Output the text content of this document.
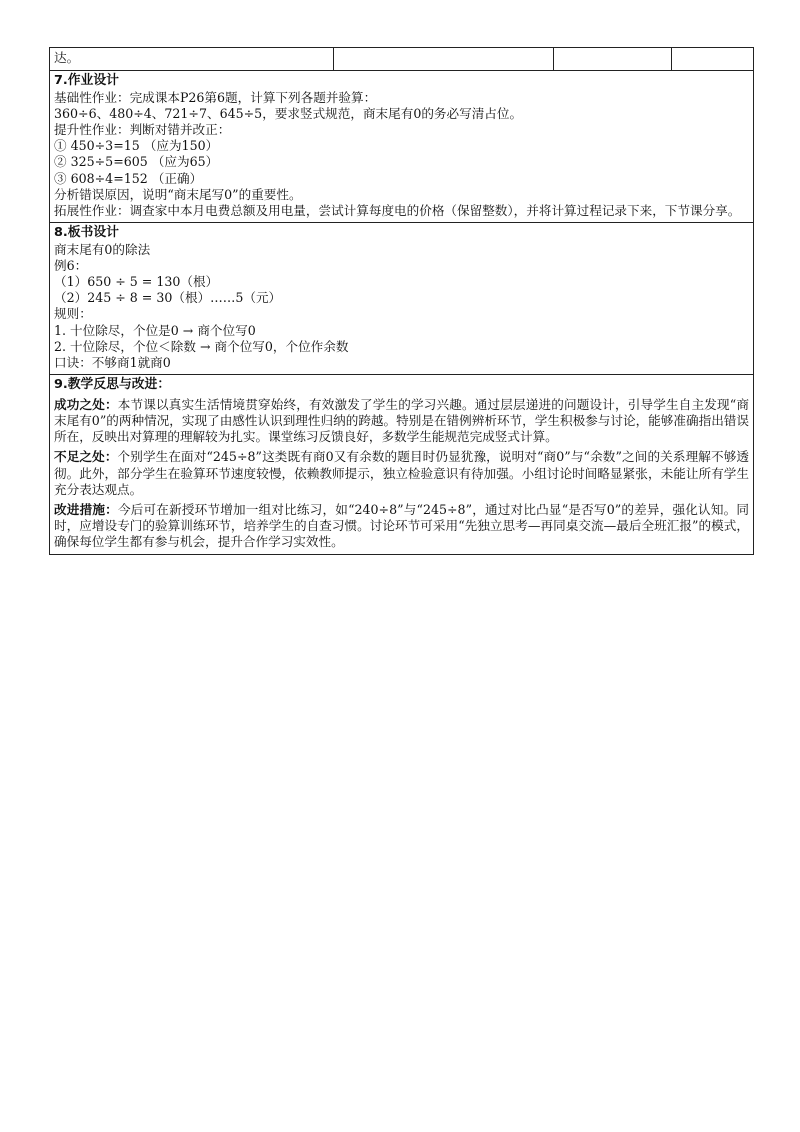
达。			

7.作业设计
基础性作业：完成课本P26第6题，计算下列各题并验算：
360÷6、480÷4、721÷7、645÷5，要求竖式规范，商末尾有0的务必写清占位。
提升性作业：判断对错并改正：
① 450÷3=15 （应为150）
② 325÷5=605 （应为65）
③ 608÷4=152 （正确）
分析错误原因，说明“商末尾写0”的重要性。
拓展性作业：调查家中本月电费总额及用电量，尝试计算每度电的价格（保留整数），并将计算过程记录下来，下节课分享。

8.板书设计
商末尾有0的除法
例6：
（1）650 ÷ 5 = 130（根）
（2）245 ÷ 8 = 30（根）……5（元）
规则：
1. 十位除尽，个位是0 → 商个位写0
2. 十位除尽，个位＜除数 → 商个位写0，个位作余数
口诀：不够商1就商0

9.教学反思与改进：
成功之处：本节课以真实生活情境贯穿始终，有效激发了学生的学习兴趣。通过层层递进的问题设计，引导学生自主发现“商末尾有0”的两种情况，实现了由感性认识到理性归纳的跨越。特别是在错例辨析环节，学生积极参与讨论，能够准确指出错误所在，反映出对算理的理解较为扎实。课堂练习反馈良好，多数学生能规范完成竖式计算。
不足之处：个别学生在面对“245÷8”这类既有商0又有余数的题目时仍显犹豫，说明对“商0”与“余数”之间的关系理解不够透彻。此外，部分学生在验算环节速度较慢，依赖教师提示，独立检验意识有待加强。小组讨论时间略显紧张，未能让所有学生充分表达观点。
改进措施：今后可在新授环节增加一组对比练习，如“240÷8”与“245÷8”，通过对比凸显“是否写0”的差异，强化认知。同时，应增设专门的验算训练环节，培养学生的自查习惯。讨论环节可采用“先独立思考—再同桌交流—最后全班汇报”的模式，确保每位学生都有参与机会，提升合作学习实效性。
